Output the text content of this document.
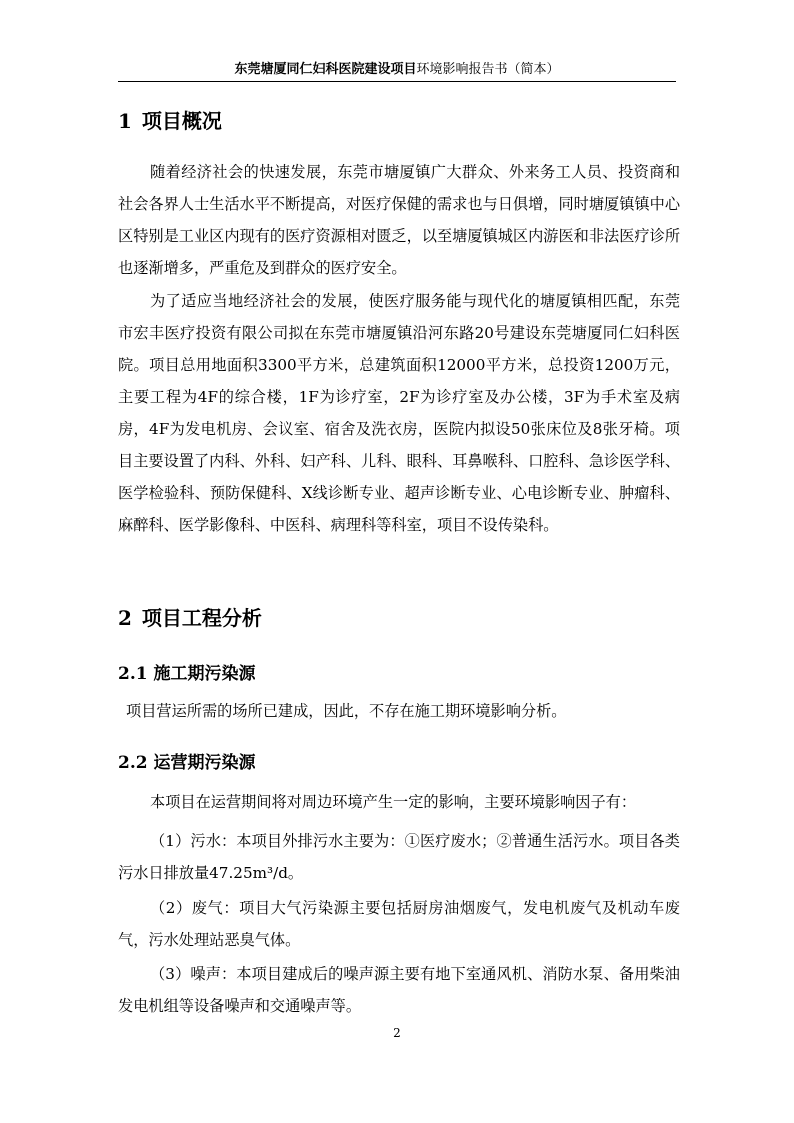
东莞塘厦同仁妇科医院建设项目环境影响报告书（简本）
1 项目概况

随着经济社会的快速发展，东莞市塘厦镇广大群众、外来务工人员、投资商和社会各界人士生活水平不断提高，对医疗保健的需求也与日俱增，同时塘厦镇镇中心区特别是工业区内现有的医疗资源相对匮乏，以至塘厦镇城区内游医和非法医疗诊所也逐渐增多，严重危及到群众的医疗安全。

为了适应当地经济社会的发展，使医疗服务能与现代化的塘厦镇相匹配，东莞市宏丰医疗投资有限公司拟在东莞市塘厦镇沿河东路20号建设东莞塘厦同仁妇科医院。项目总用地面积3300平方米，总建筑面积12000平方米，总投资1200万元，主要工程为4F的综合楼，1F为诊疗室，2F为诊疗室及办公楼，3F为手术室及病房，4F为发电机房、会议室、宿舍及洗衣房，医院内拟设50张床位及8张牙椅。项目主要设置了内科、外科、妇产科、儿科、眼科、耳鼻喉科、口腔科、急诊医学科、医学检验科、预防保健科、X线诊断专业、超声诊断专业、心电诊断专业、肿瘤科、麻醉科、医学影像科、中医科、病理科等科室，项目不设传染科。

2 项目工程分析
2.1 施工期污染源

项目营运所需的场所已建成，因此，不存在施工期环境影响分析。

2.2 运营期污染源

本项目在运营期间将对周边环境产生一定的影响，主要环境影响因子有：

（1）污水：本项目外排污水主要为：①医疗废水；②普通生活污水。项目各类污水日排放量47.25m³/d。

（2）废气：项目大气污染源主要包括厨房油烟废气，发电机废气及机动车废气，污水处理站恶臭气体。

（3）噪声：本项目建成后的噪声源主要有地下室通风机、消防水泵、备用柴油发电机组等设备噪声和交通噪声等。

2
